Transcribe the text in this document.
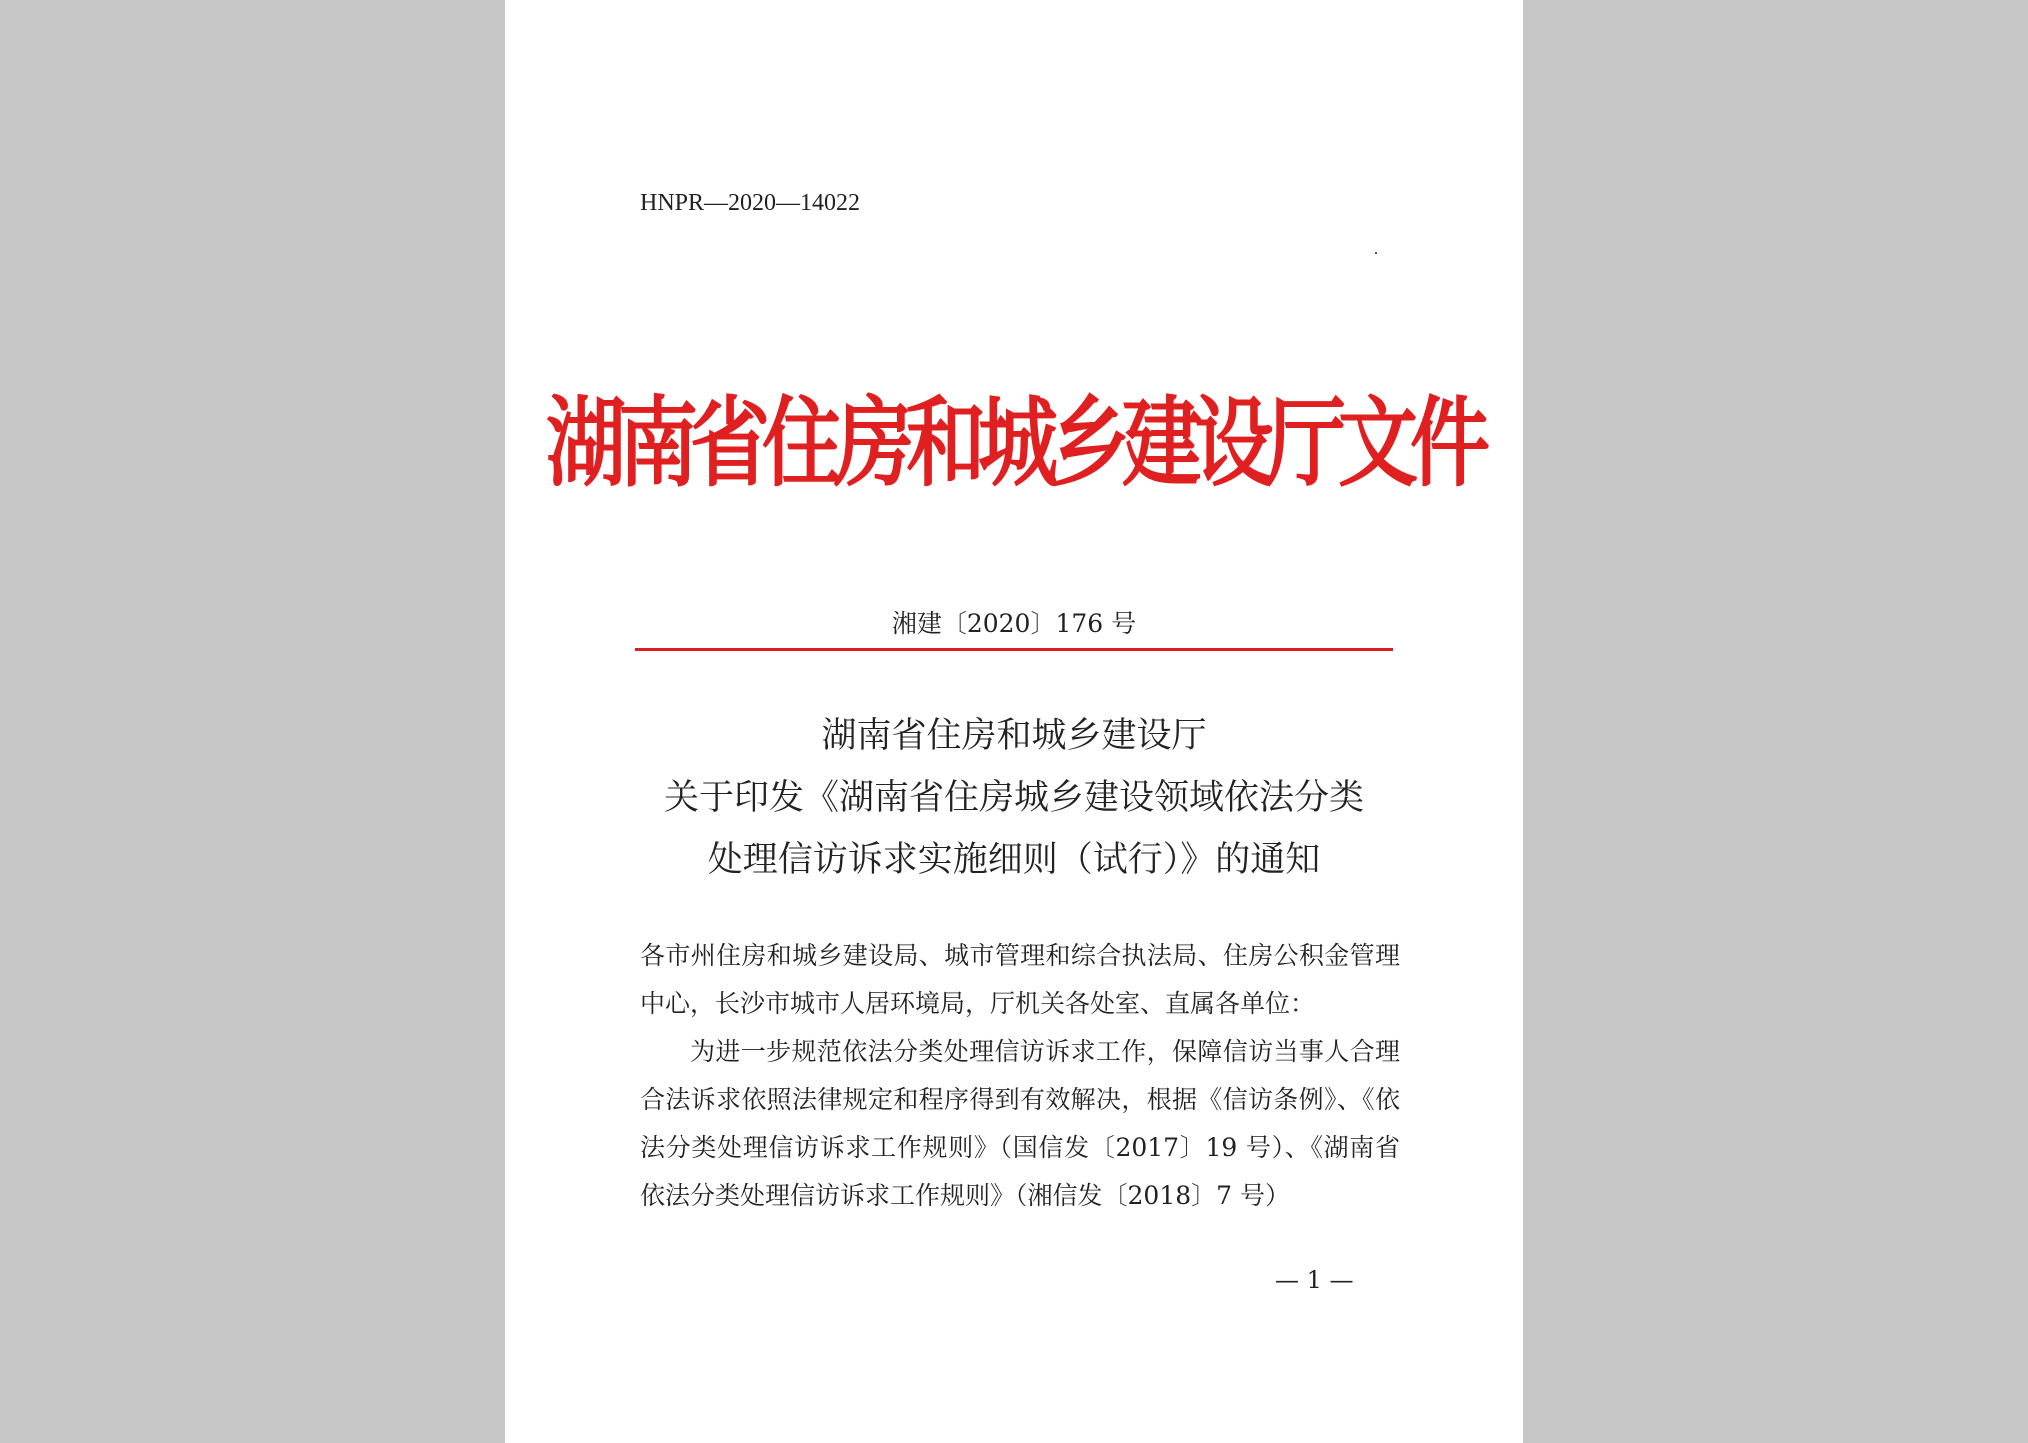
HNPR—2020—14022
湖南省住房和城乡建设厅文件
湘建〔2020〕176 号
湖南省住房和城乡建设厅
关于印发《湖南省住房城乡建设领域依法分类
处理信访诉求实施细则（试行）》的通知

各市州住房和城乡建设局、城市管理和综合执法局、住房公积金管理中心，长沙市城市人居环境局，厅机关各处室、直属各单位：

为进一步规范依法分类处理信访诉求工作，保障信访当事人合理合法诉求依照法律规定和程序得到有效解决，根据《信访条例》、《依法分类处理信访诉求工作规则》（国信发〔2017〕19 号）、《湖南省依法分类处理信访诉求工作规则》（湘信发〔2018〕7 号）

— 1 —
